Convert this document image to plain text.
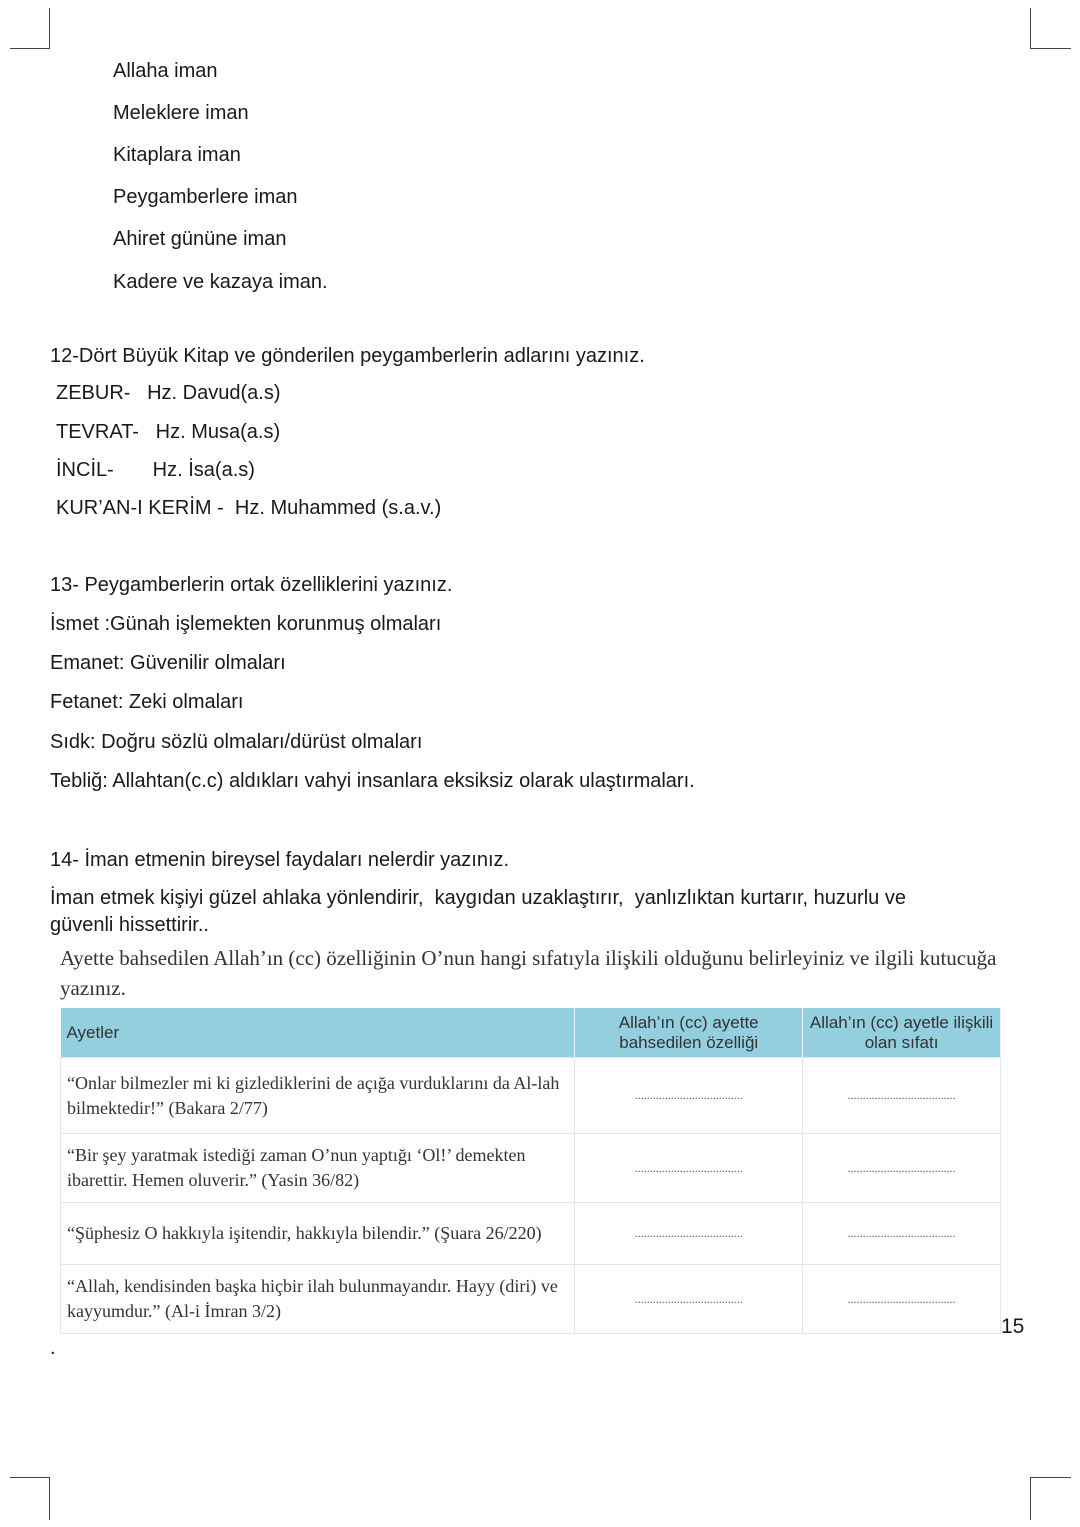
Allaha iman
Meleklere iman
Kitaplara iman
Peygamberlere iman
Ahiret gününe iman
Kadere ve kazaya iman.
12-Dört Büyük Kitap ve gönderilen peygamberlerin adlarını yazınız.
ZEBUR-   Hz. Davud(a.s)
TEVRAT-   Hz. Musa(a.s)
İNCİL-       Hz. İsa(a.s)
KUR’AN-I KERİM -  Hz. Muhammed (s.a.v.)
13- Peygamberlerin ortak özelliklerini yazınız.
İsmet :Günah işlemekten korunmuş olmaları
Emanet: Güvenilir olmaları
Fetanet: Zeki olmaları
Sıdk: Doğru sözlü olmaları/dürüst olmaları
Tebliğ: Allahtan(c.c) aldıkları vahyi insanlara eksiksiz olarak ulaştırmaları.
14- İman etmenin bireysel faydaları nelerdir yazınız.
İman etmek kişiyi güzel ahlaka yönlendirir,  kaygıdan uzaklaştırır,  yanlızlıktan kurtarır, huzurlu ve
güvenli hissettirir..
Ayette bahsedilen Allah’ın (cc) özelliğinin O’nun hangi sıfatıyla ilişkili olduğunu belirleyiniz ve ilgili kutucuğa
yazınız.
Ayetler	Allah’ın (cc) ayette bahsedilen özelliği	Allah’ın (cc) ayetle ilişkili olan sıfatı
“Onlar bilmezler mi ki gizlediklerini de açığa vurduklarını da Al-lah bilmektedir!” (Bakara 2/77)	....................................	....................................
“Bir şey yaratmak istediği zaman O’nun yaptığı ‘Ol!’ demekten ibarettir. Hemen oluverir.” (Yasin 36/82)	....................................	....................................
“Şüphesiz O hakkıyla işitendir, hakkıyla bilendir.” (Şuara 26/220)	....................................	....................................
“Allah, kendisinden başka hiçbir ilah bulunmayandır. Hayy (diri) ve kayyumdur.” (Al-i İmran 3/2)	....................................	....................................
15
.
